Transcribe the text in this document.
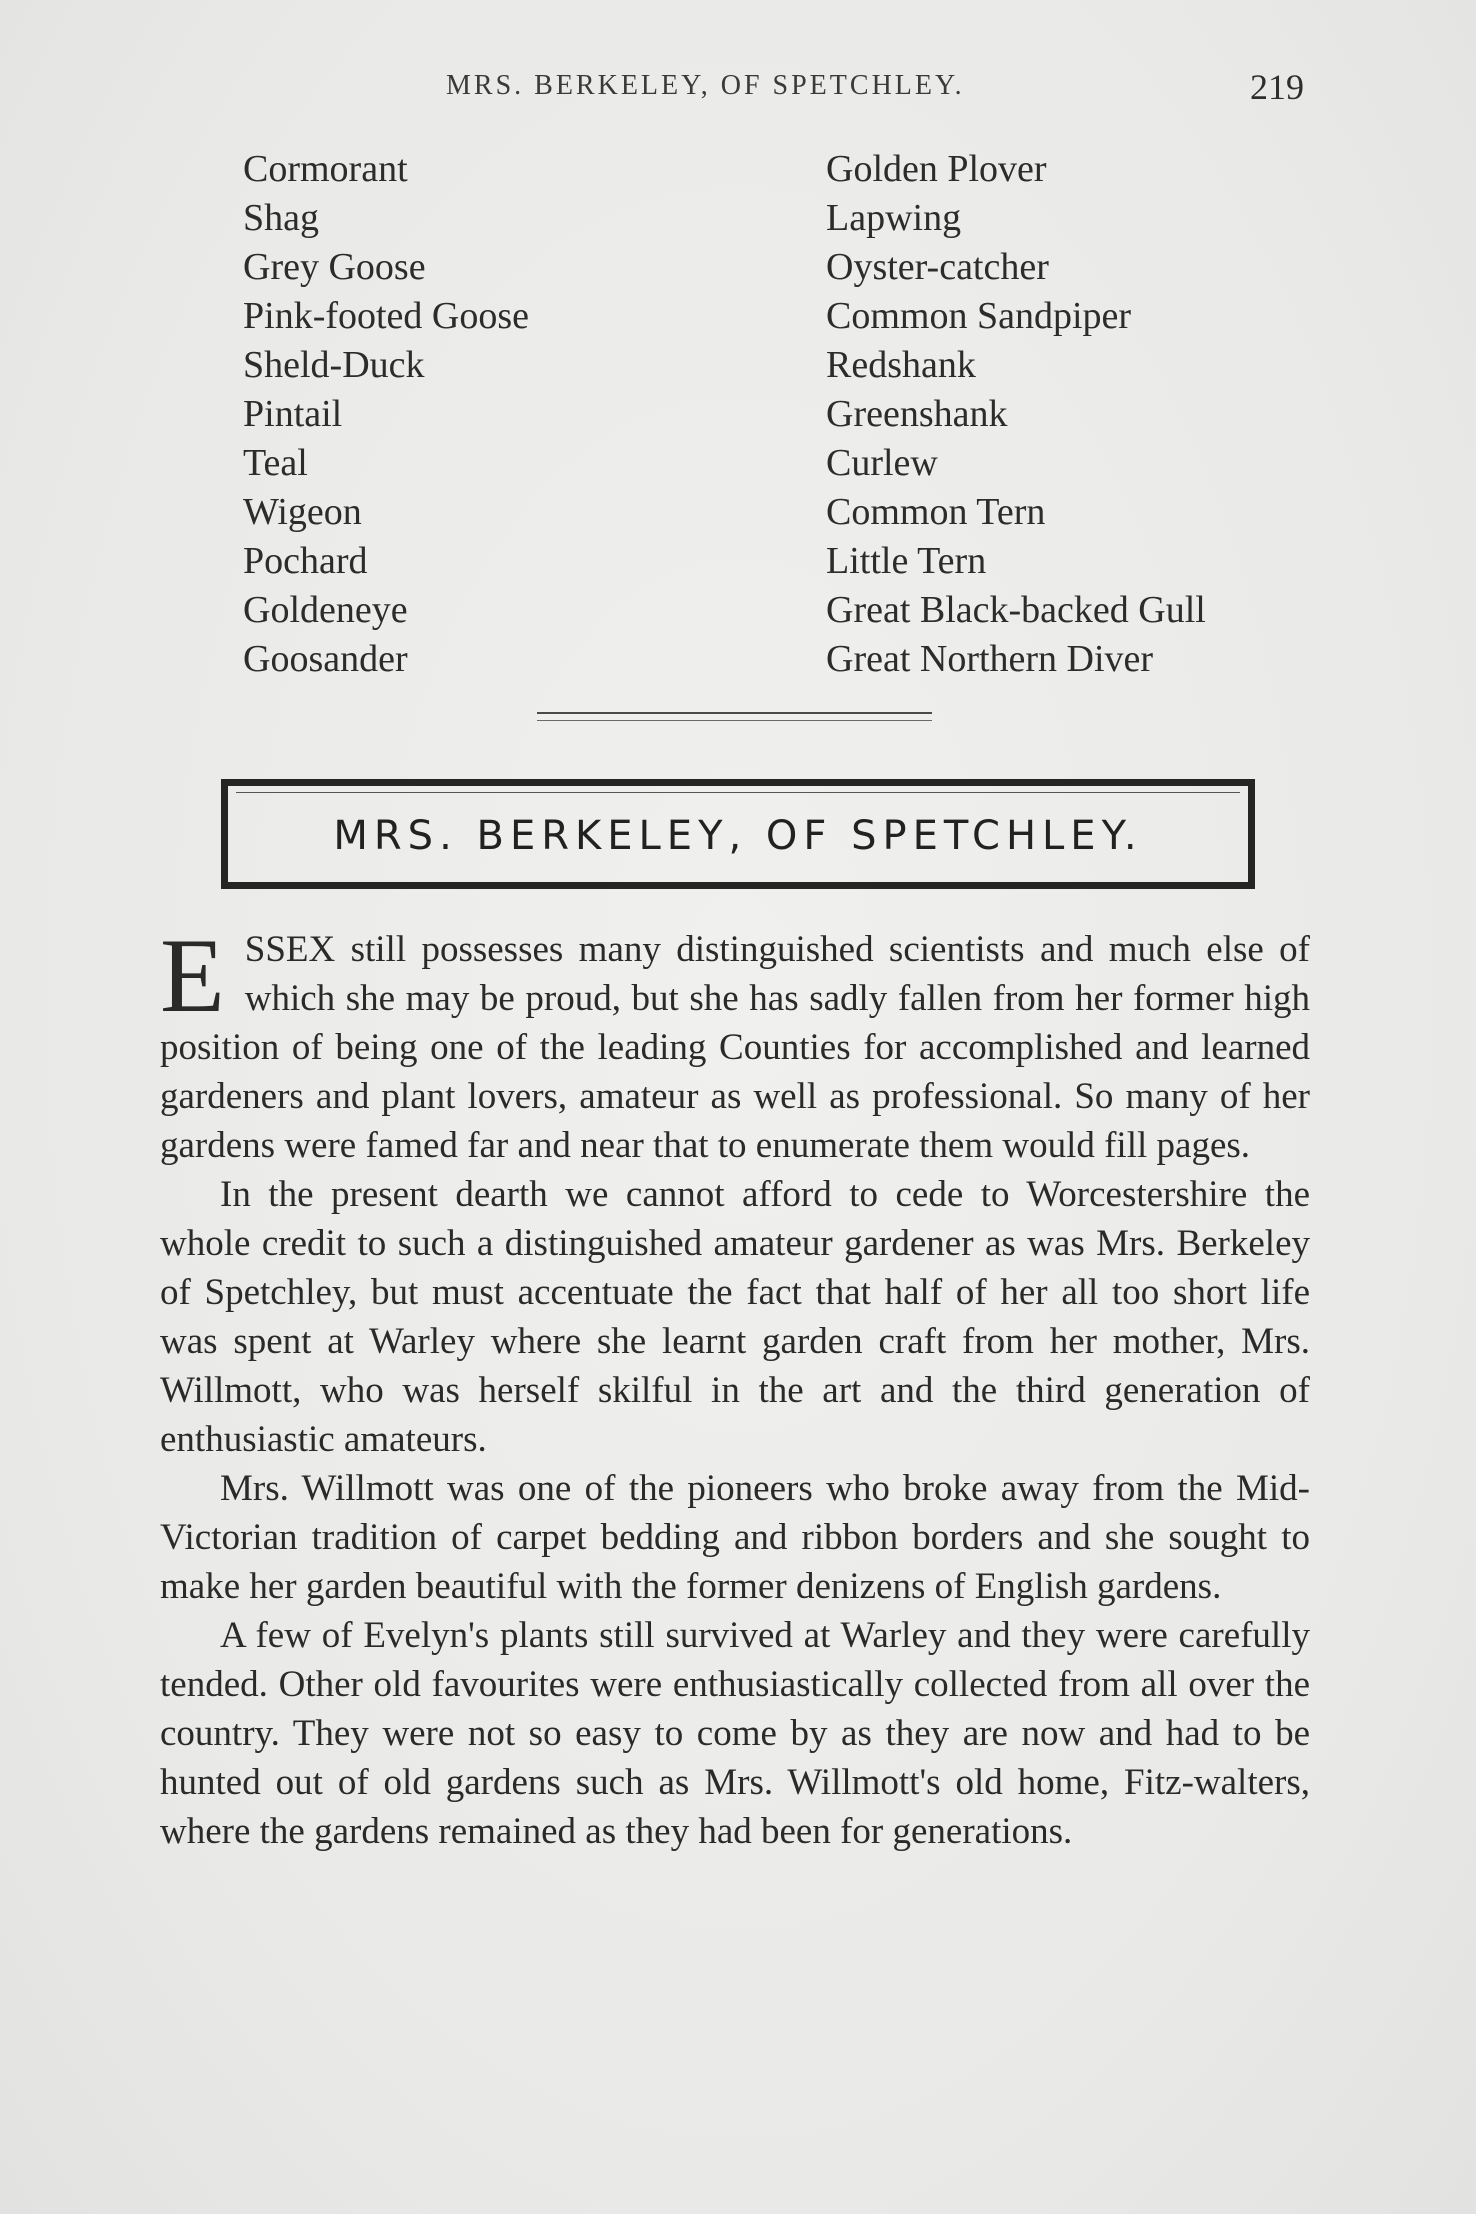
MRS. BERKELEY, OF SPETCHLEY.	219
Cormorant
Shag
Grey Goose
Pink-footed Goose
Sheld-Duck
Pintail
Teal
Wigeon
Pochard
Goldeneye
Goosander
Golden Plover
Lapwing
Oyster-catcher
Common Sandpiper
Redshank
Greenshank
Curlew
Common Tern
Little Tern
Great Black-backed Gull
Great Northern Diver
MRS. BERKELEY, OF SPETCHLEY.

ESSEX still possesses many distinguished scientists and much else of which she may be proud, but she has sadly fallen from her former high position of being one of the leading Counties for accomplished and learned gardeners and plant lovers, amateur as well as professional. So many of her gardens were famed far and near that to enumerate them would fill pages.

In the present dearth we cannot afford to cede to Worcestershire the whole credit to such a distinguished amateur gardener as was Mrs. Berkeley of Spetchley, but must accentuate the fact that half of her all too short life was spent at Warley where she learnt garden craft from her mother, Mrs. Willmott, who was herself skilful in the art and the third generation of enthusiastic amateurs.

Mrs. Willmott was one of the pioneers who broke away from the Mid-Victorian tradition of carpet bedding and ribbon borders and she sought to make her garden beautiful with the former denizens of English gardens.

A few of Evelyn's plants still survived at Warley and they were carefully tended. Other old favourites were enthusiastically collected from all over the country. They were not so easy to come by as they are now and had to be hunted out of old gardens such as Mrs. Willmott's old home, Fitz-walters, where the gardens remained as they had been for generations.
